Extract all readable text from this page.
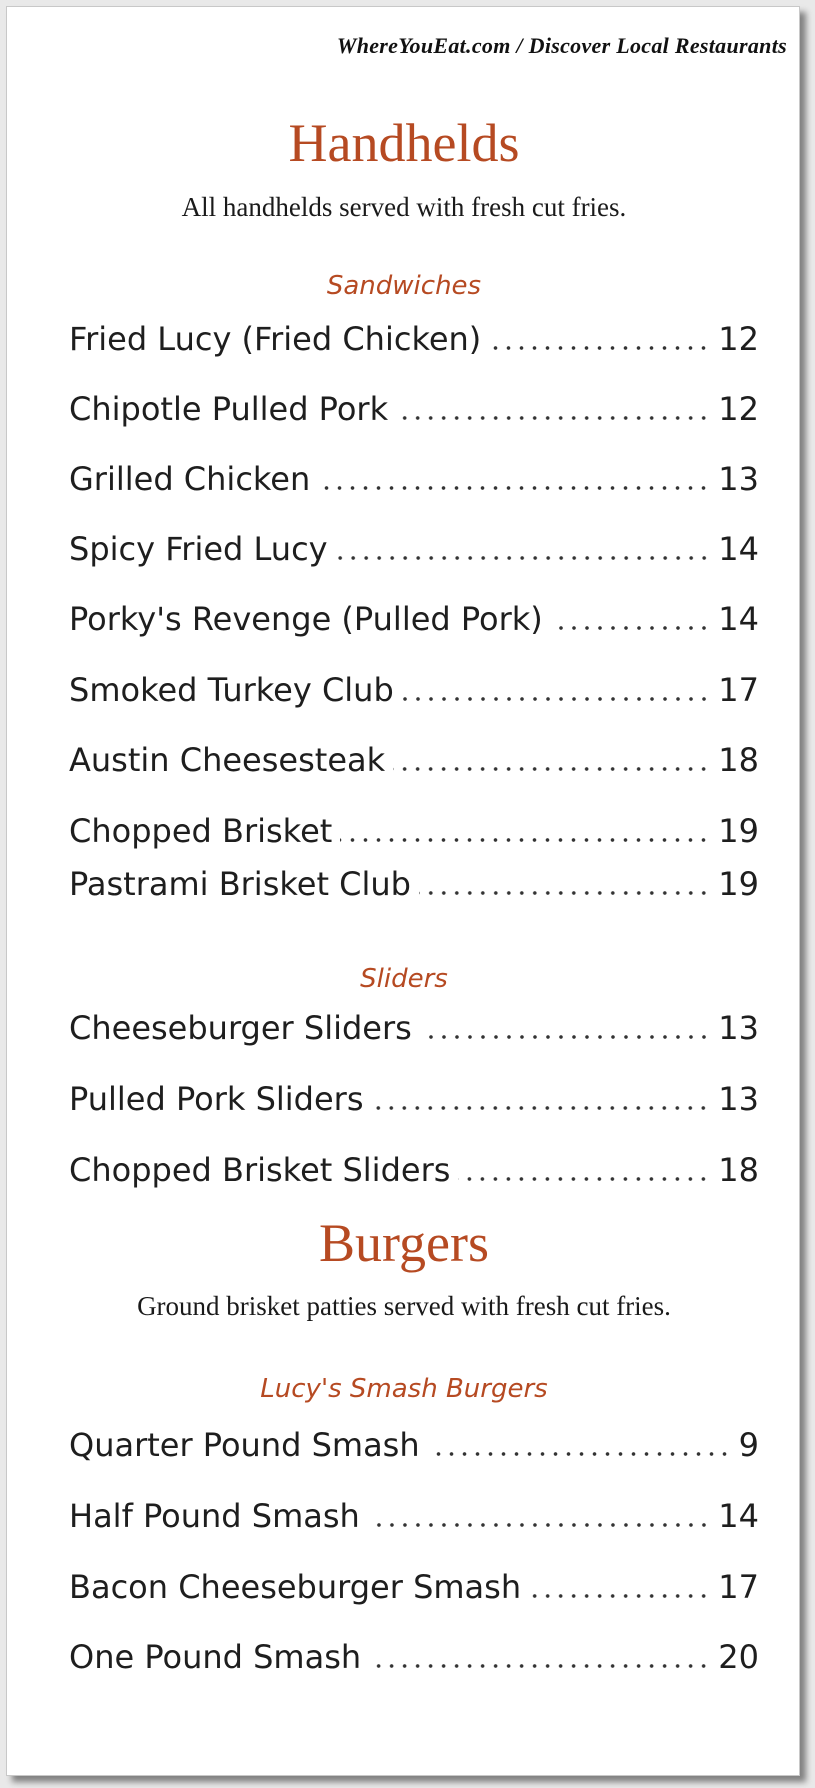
WhereYouEat.com / Discover Local Restaurants
Handhelds
All handhelds served with fresh cut fries.
Sandwiches
Fried Lucy (Fried Chicken)	12
Chipotle Pulled Pork	12
Grilled Chicken	13
Spicy Fried Lucy	14
Porky's Revenge (Pulled Pork)	14
Smoked Turkey Club	17
Austin Cheesesteak	18
Chopped Brisket	19
Pastrami Brisket Club	19
Sliders
Cheeseburger Sliders	13
Pulled Pork Sliders	13
Chopped Brisket Sliders	18
Burgers
Ground brisket patties served with fresh cut fries.
Lucy's Smash Burgers
Quarter Pound Smash	9
Half Pound Smash	14
Bacon Cheeseburger Smash	17
One Pound Smash	20
